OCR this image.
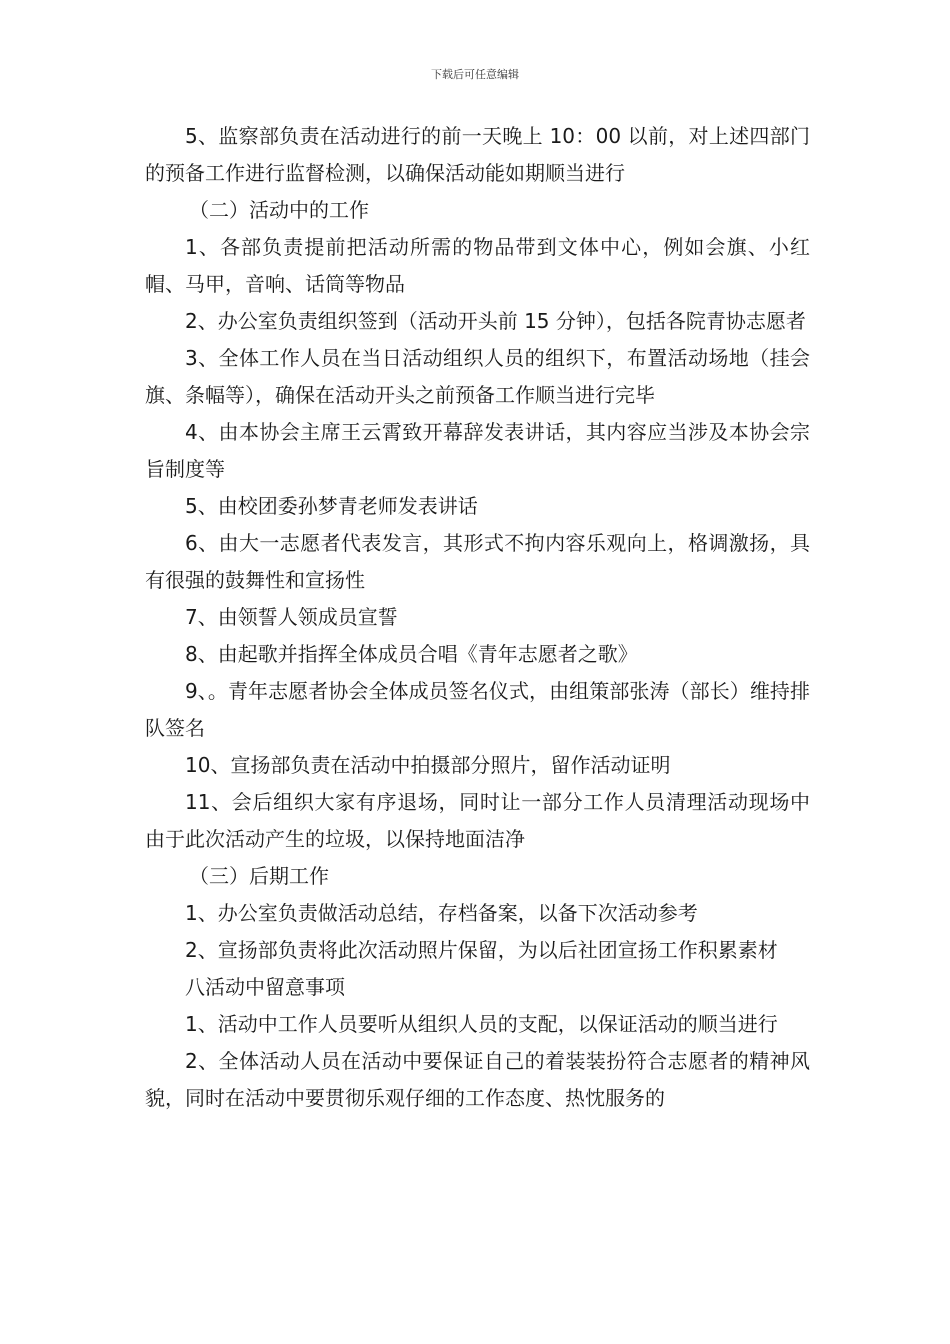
下载后可任意编辑

5、监察部负责在活动进行的前一天晚上 10：00 以前，对上述四部门的预备工作进行监督检测，以确保活动能如期顺当进行

（二）活动中的工作

1、各部负责提前把活动所需的物品带到文体中心，例如会旗、小红帽、马甲，音响、话筒等物品

2、办公室负责组织签到（活动开头前 15 分钟），包括各院青协志愿者

3、全体工作人员在当日活动组织人员的组织下，布置活动场地（挂会旗、条幅等），确保在活动开头之前预备工作顺当进行完毕

4、由本协会主席王云霄致开幕辞发表讲话，其内容应当涉及本协会宗旨制度等

5、由校团委孙梦青老师发表讲话

6、由大一志愿者代表发言，其形式不拘内容乐观向上，格调激扬，具有很强的鼓舞性和宣扬性

7、由领誓人领成员宣誓

8、由起歌并指挥全体成员合唱《青年志愿者之歌》

9、。青年志愿者协会全体成员签名仪式，由组策部张涛（部长）维持排队签名

10、宣扬部负责在活动中拍摄部分照片，留作活动证明

11、会后组织大家有序退场，同时让一部分工作人员清理活动现场中由于此次活动产生的垃圾，以保持地面洁净

（三）后期工作

1、办公室负责做活动总结，存档备案，以备下次活动参考

2、宣扬部负责将此次活动照片保留，为以后社团宣扬工作积累素材

八活动中留意事项

1、活动中工作人员要听从组织人员的支配，以保证活动的顺当进行

2、全体活动人员在活动中要保证自己的着装装扮符合志愿者的精神风貌，同时在活动中要贯彻乐观仔细的工作态度、热忱服务的
